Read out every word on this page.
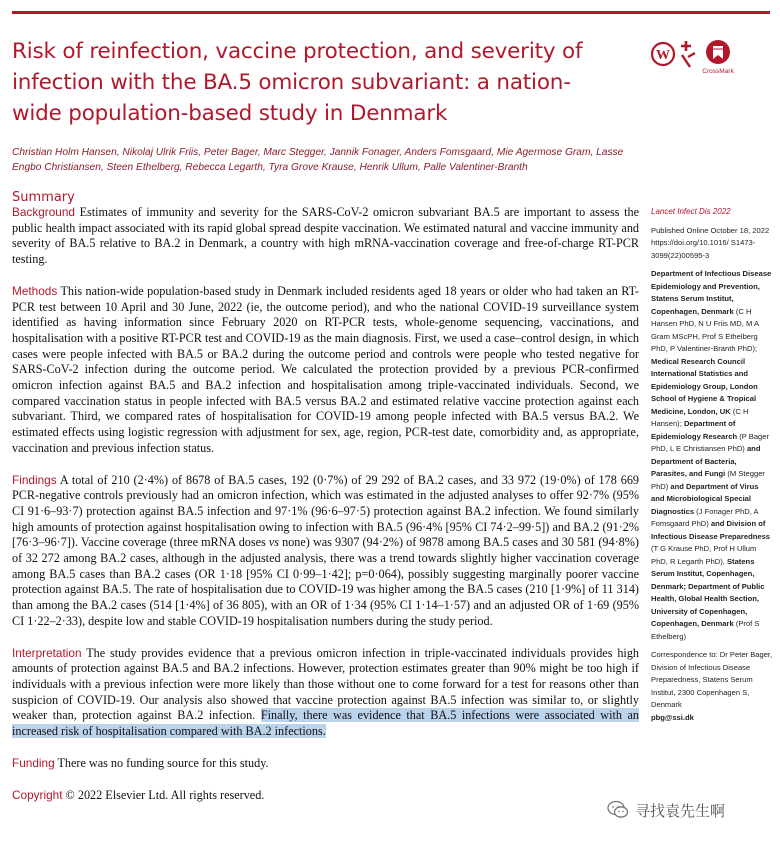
Risk of reinfection, vaccine protection, and severity of infection with the BA.5 omicron subvariant: a nation-wide population-based study in Denmark
W
CrossMark
Christian Holm Hansen, Nikolaj Ulrik Friis, Peter Bager, Marc Stegger, Jannik Fonager, Anders Fomsgaard, Mie Agermose Gram, Lasse Engbo Christiansen, Steen Ethelberg, Rebecca Legarth, Tyra Grove Krause, Henrik Ullum, Palle Valentiner-Branth
Summary

Background Estimates of immunity and severity for the SARS-CoV-2 omicron subvariant BA.5 are important to assess the public health impact associated with its rapid global spread despite vaccination. We estimated natural and vaccine immunity and severity of BA.5 relative to BA.2 in Denmark, a country with high mRNA-vaccination coverage and free-of-charge RT-PCR testing.

Methods This nation-wide population-based study in Denmark included residents aged 18 years or older who had taken an RT-PCR test between 10 April and 30 June, 2022 (ie, the outcome period), and who the national COVID-19 surveillance system identified as having information since February 2020 on RT-PCR tests, whole-genome sequencing, vaccinations, and hospitalisation with a positive RT-PCR test and COVID-19 as the main diagnosis. First, we used a case–control design, in which cases were people infected with BA.5 or BA.2 during the outcome period and controls were people who tested negative for SARS-CoV-2 infection during the outcome period. We calculated the protection provided by a previous PCR-confirmed omicron infection against BA.5 and BA.2 infection and hospitalisation among triple-vaccinated individuals. Second, we compared vaccination status in people infected with BA.5 versus BA.2 and estimated relative vaccine protection against each subvariant. Third, we compared rates of hospitalisation for COVID-19 among people infected with BA.5 versus BA.2. We estimated effects using logistic regression with adjustment for sex, age, region, PCR-test date, comorbidity and, as appropriate, vaccination and previous infection status.

Findings A total of 210 (2·4%) of 8678 of BA.5 cases, 192 (0·7%) of 29 292 of BA.2 cases, and 33 972 (19·0%) of 178 669 PCR-negative controls previously had an omicron infection, which was estimated in the adjusted analyses to offer 92·7% (95% CI 91·6–93·7) protection against BA.5 infection and 97·1% (96·6–97·5) protection against BA.2 infection. We found similarly high amounts of protection against hospitalisation owing to infection with BA.5 (96·4% [95% CI 74·2–99·5]) and BA.2 (91·2% [76·3–96·7]). Vaccine coverage (three mRNA doses vs none) was 9307 (94·2%) of 9878 among BA.5 cases and 30 581 (94·8%) of 32 272 among BA.2 cases, although in the adjusted analysis, there was a trend towards slightly higher vaccination coverage among BA.5 cases than BA.2 cases (OR 1·18 [95% CI 0·99–1·42]; p=0·064), possibly suggesting marginally poorer vaccine protection against BA.5. The rate of hospitalisation due to COVID-19 was higher among the BA.5 cases (210 [1·9%] of 11 314) than among the BA.2 cases (514 [1·4%] of 36 805), with an OR of 1·34 (95% CI 1·14–1·57) and an adjusted OR of 1·69 (95% CI 1·22–2·33), despite low and stable COVID-19 hospitalisation numbers during the study period.

Interpretation The study provides evidence that a previous omicron infection in triple-vaccinated individuals provides high amounts of protection against BA.5 and BA.2 infections. However, protection estimates greater than 90% might be too high if individuals with a previous infection were more likely than those without one to come forward for a test for reasons other than suspicion of COVID-19. Our analysis also showed that vaccine protection against BA.5 infection was similar to, or slightly weaker than, protection against BA.2 infection. Finally, there was evidence that BA.5 infections were associated with an increased risk of hospitalisation compared with BA.2 infections.

Funding There was no funding source for this study.

Copyright © 2022 Elsevier Ltd. All rights reserved.

Lancet Infect Dis 2022

Published Online October 18, 2022 https://doi.org/10.1016/ S1473-3099(22)00595-3

Department of Infectious Disease Epidemiology and Prevention, Statens Serum Institut, Copenhagen, Denmark (C H Hansen PhD, N U Friis MD, M A Gram MScPH, Prof S Ethelberg PhD, P Valentiner-Branth PhD); Medical Research Council International Statistics and Epidemiology Group, London School of Hygiene & Tropical Medicine, London, UK (C H Hansen); Department of Epidemiology Research (P Bager PhD, L E Christiansen PhD) and Department of Bacteria, Parasites, and Fungi (M Stegger PhD) and Department of Virus and Microbiological Special Diagnostics (J Fonager PhD, A Fomsgaard PhD) and Division of Infectious Disease Preparedness (T G Krause PhD, Prof H Ullum PhD, R Legarth PhD), Statens Serum Institut, Copenhagen, Denmark; Department of Public Health, Global Health Section, University of Copenhagen, Copenhagen, Denmark (Prof S Ethelberg)

Correspondence to: Dr Peter Bager, Division of Infectious Disease Preparedness, Statens Serum Institut, 2300 Copenhagen S, Denmark
pbg@ssi.dk

寻找袁先生啊
